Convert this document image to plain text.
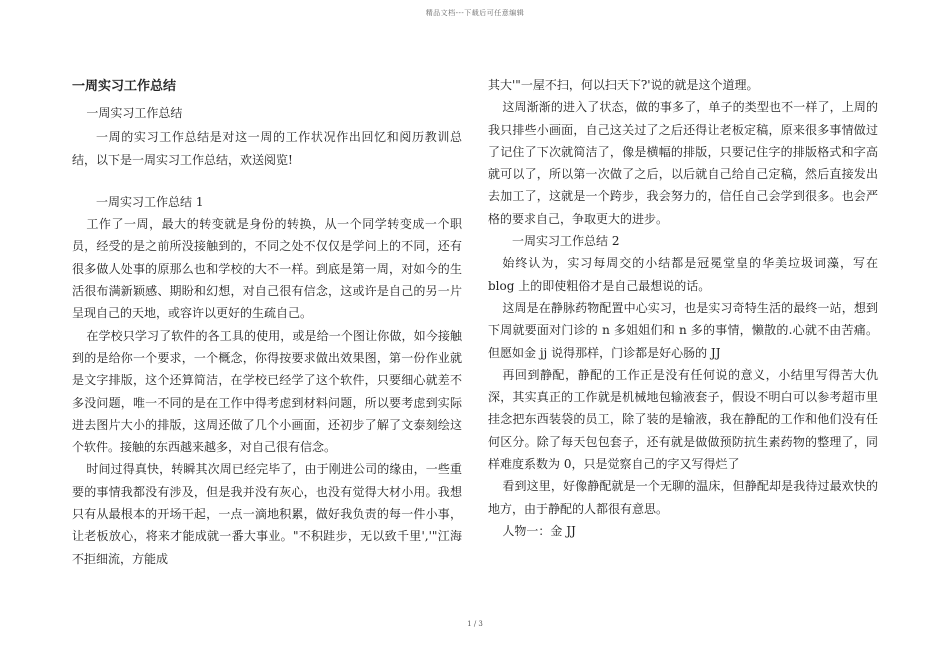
精品文档---下载后可任意编辑
一周实习工作总结

一周实习工作总结

一周的实习工作总结是对这一周的工作状况作出回忆和阅历教训总结，以下是一周实习工作总结，欢送阅览!

一周实习工作总结 1

工作了一周，最大的转变就是身份的转换，从一个同学转变成一个职员，经受的是之前所没接触到的，不同之处不仅仅是学问上的不同，还有很多做人处事的原那么也和学校的大不一样。到底是第一周，对如今的生活很布满新颖感、期盼和幻想，对自己很有信念，这或许是自己的另一片呈现自己的天地，或容许以更好的生疏自己。

在学校只学习了软件的各工具的使用，或是给一个图让你做，如今接触到的是给你一个要求，一个概念，你得按要求做出效果图，第一份作业就是文字排版，这个还算简洁，在学校已经学了这个软件，只要细心就差不多没问题，唯一不同的是在工作中得考虑到材料问题，所以要考虑到实际进去图片大小的排版，这周还做了几个小画面，还初步了解了文泰刻绘这个软件。接触的东西越来越多，对自己很有信念。

时间过得真快，转瞬其次周已经完毕了，由于刚进公司的缘由，一些重要的事情我都没有涉及，但是我并没有灰心，也没有觉得大材小用。我想只有从最根本的开场干起，一点一滴地积累，做好我负责的每一件小事，让老板放心，将来才能成就一番大事业。"不积跬步，无以致千里','"江海不拒细流，方能成

其大'"一屋不扫，何以扫天下?'说的就是这个道理。

这周渐渐的进入了状态，做的事多了，单子的类型也不一样了，上周的我只排些小画面，自己这关过了之后还得让老板定稿，原来很多事情做过了记住了下次就简洁了，像是横幅的排版，只要记住字的排版格式和字高就可以了，所以第一次做了之后，以后就自己给自己定稿，然后直接发出去加工了，这就是一个跨步，我会努力的，信任自己会学到很多。也会严格的要求自己，争取更大的进步。

一周实习工作总结 2

始终认为，实习每周交的小结都是冠冕堂皇的华美垃圾词藻，写在 blog 上的即使粗俗才是自己最想说的话。

这周是在静脉药物配置中心实习，也是实习奇特生活的最终一站，想到下周就要面对门诊的 n 多姐姐们和 n 多的事情，懒散的.心就不由苦痛。但愿如金 jj 说得那样，门诊都是好心肠的 JJ

再回到静配，静配的工作正是没有任何说的意义，小结里写得苦大仇深，其实真正的工作就是机械地包输液套子，假设不明白可以参考超市里挂念把东西装袋的员工，除了装的是输液，我在静配的工作和他们没有任何区分。除了每天包包套子，还有就是做做预防抗生素药物的整理了，同样难度系数为 0，只是觉察自己的字又写得烂了

看到这里，好像静配就是一个无聊的温床，但静配却是我待过最欢快的地方，由于静配的人都很有意思。

人物一：金 JJ

1 / 3
